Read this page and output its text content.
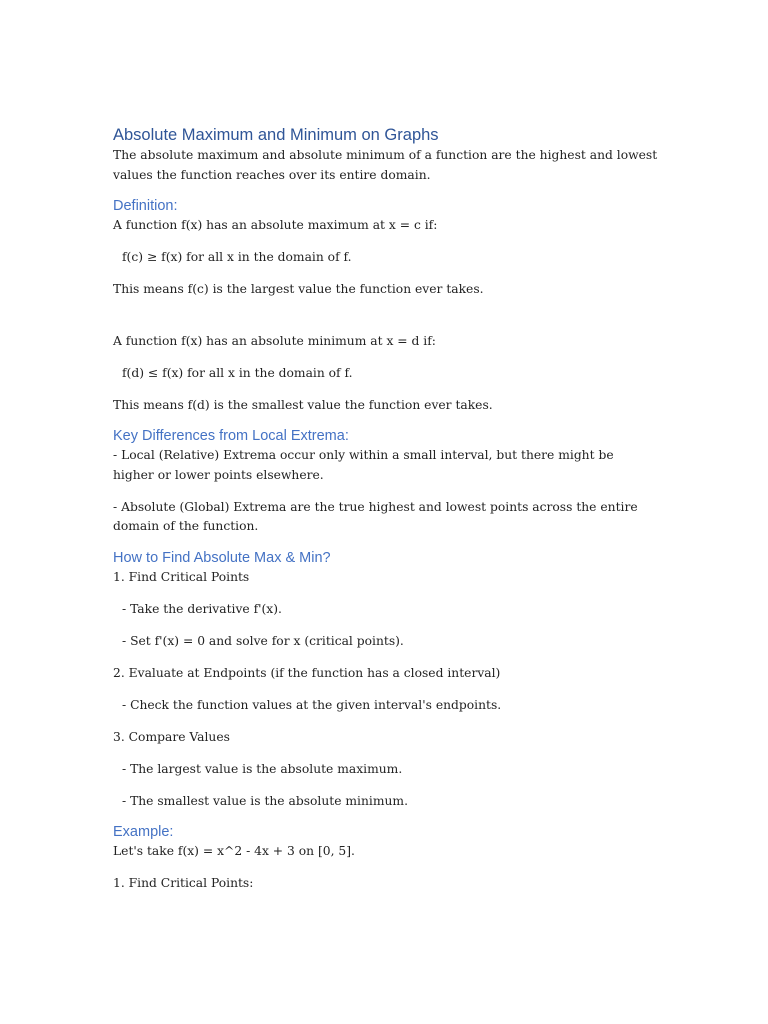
Absolute Maximum and Minimum on Graphs

The absolute maximum and absolute minimum of a function are the highest and lowest values the function reaches over its entire domain.

Definition:

A function f(x) has an absolute maximum at x = c if:

f(c) ≥ f(x) for all x in the domain of f.

This means f(c) is the largest value the function ever takes.

A function f(x) has an absolute minimum at x = d if:

f(d) ≤ f(x) for all x in the domain of f.

This means f(d) is the smallest value the function ever takes.

Key Differences from Local Extrema:

- Local (Relative) Extrema occur only within a small interval, but there might be higher or lower points elsewhere.

- Absolute (Global) Extrema are the true highest and lowest points across the entire domain of the function.

How to Find Absolute Max & Min?

1. Find Critical Points

- Take the derivative f'(x).

- Set f'(x) = 0 and solve for x (critical points).

2. Evaluate at Endpoints (if the function has a closed interval)

- Check the function values at the given interval's endpoints.

3. Compare Values

- The largest value is the absolute maximum.

- The smallest value is the absolute minimum.

Example:

Let's take f(x) = x^2 - 4x + 3 on [0, 5].

1. Find Critical Points:
